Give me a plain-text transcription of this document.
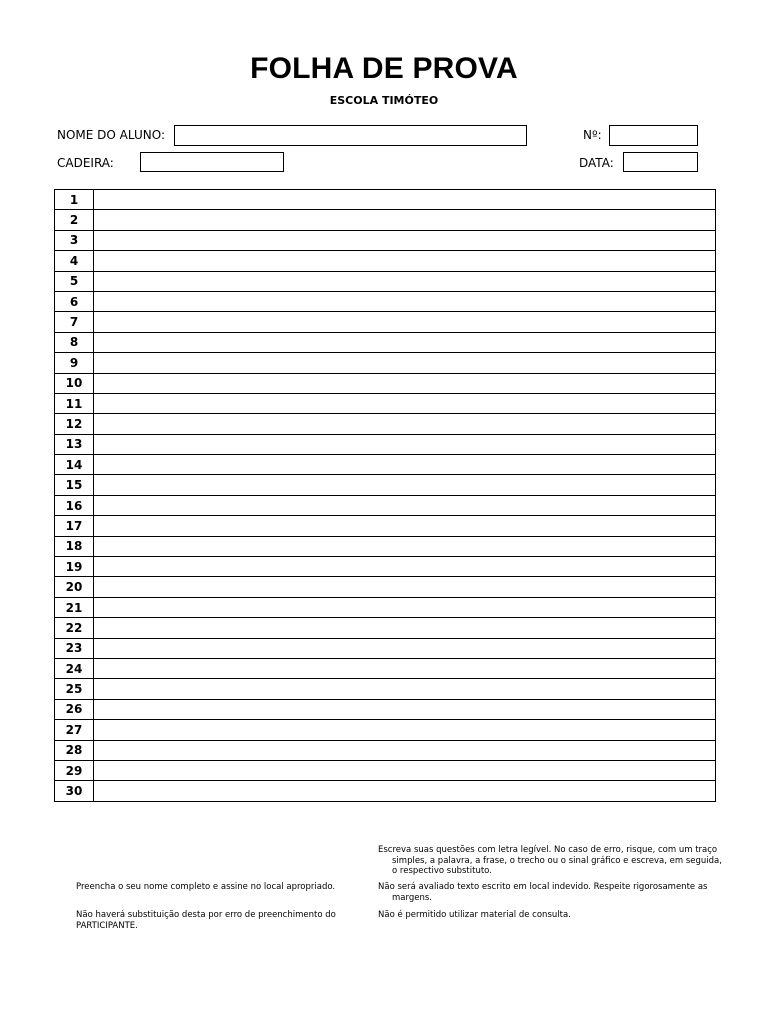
FOLHA DE PROVA
ESCOLA TIMÓTEO
NOME DO ALUNO:	Nº:
CADEIRA:	DATA:
1	
2	
3	
4	
5	
6	
7	
8	
9	
10	
11	
12	
13	
14	
15	
16	
17	
18	
19	
20	
21	
22	
23	
24	
25	
26	
27	
28	
29	
30	
Escreva suas questões com letra legível. No caso de erro, risque, com um traço simples, a palavra, a frase, o trecho ou o sinal gráfico e escreva, em seguida, o respectivo substituto.
Preencha o seu nome completo e assine no local apropriado.	Não será avaliado texto escrito em local indevido. Respeite rigorosamente as margens.
Não haverá substituição desta por erro de preenchimento do PARTICIPANTE.
Não é permitido utilizar material de consulta.
